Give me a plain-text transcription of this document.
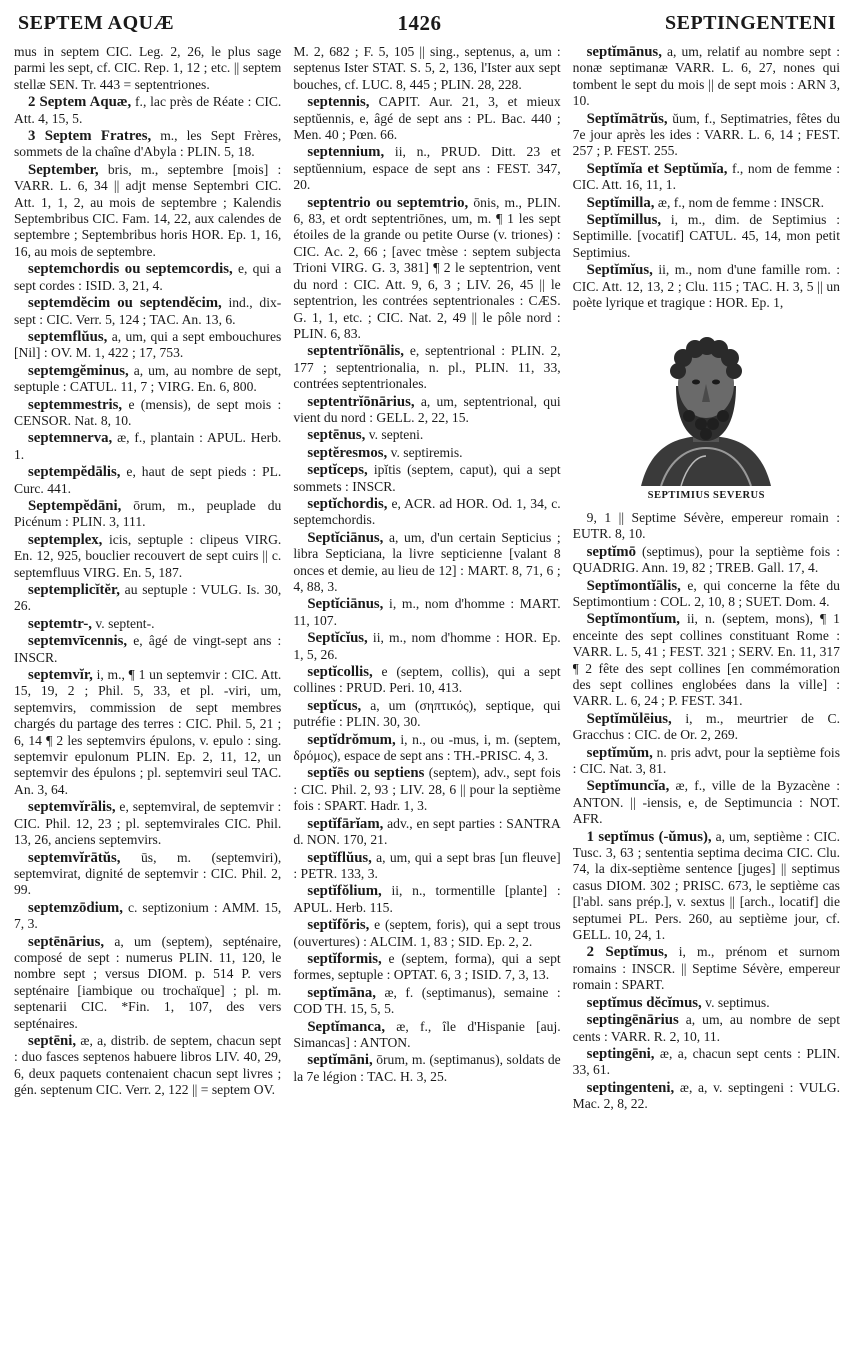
SEPTEM AQUÆ	1426	SEPTINGENTENI

mus in septem CIC. Leg. 2, 26, le plus sage parmi les sept, cf. CIC. Rep. 1, 12 ; etc. || septem stellæ SEN. Tr. 443 = septentriones.

2 Septem Aquæ, f., lac près de Réate : CIC. Att. 4, 15, 5.

3 Septem Fratres, m., les Sept Frères, sommets de la chaîne d'Abyla : PLIN. 5, 18.

September, bris, m., septembre [mois] : VARR. L. 6, 34 || adjt mense Septembri CIC. Att. 1, 1, 2, au mois de septembre ; Kalendis Septembribus CIC. Fam. 14, 22, aux calendes de septembre ; Septembribus horis HOR. Ep. 1, 16, 16, au mois de septembre.

septemchordis ou septemcordis, e, qui a sept cordes : ISID. 3, 21, 4.

septemdĕcim ou septendĕcim, ind., dix-sept : CIC. Verr. 5, 124 ; TAC. An. 13, 6.

septemflŭus, a, um, qui a sept embouchures [Nil] : OV. M. 1, 422 ; 17, 753.

septemgĕminus, a, um, au nombre de sept, septuple : CATUL. 11, 7 ; VIRG. En. 6, 800.

septemmestris, e (mensis), de sept mois : CENSOR. Nat. 8, 10.

septemnerva, æ, f., plantain : APUL. Herb. 1.

septempĕdālis, e, haut de sept pieds : PL. Curc. 441.

Septempĕdāni, ōrum, m., peuplade du Picénum : PLIN. 3, 111.

septemplex, icis, septuple : clipeus VIRG. En. 12, 925, bouclier recouvert de sept cuirs || c. septemfluus VIRG. En. 5, 187.

septemplicĭtĕr, au septuple : VULG. Is. 30, 26.

septemtr-, v. septent-.

septemvīcennis, e, âgé de vingt-sept ans : INSCR.

septemvĭr, i, m., ¶ 1 un septemvir : CIC. Att. 15, 19, 2 ; Phil. 5, 33, et pl. -viri, um, septemvirs, commission de sept membres chargés du partage des terres : CIC. Phil. 5, 21 ; 6, 14 ¶ 2 les septemvirs épulons, v. epulo : sing. septemvir epulonum PLIN. Ep. 2, 11, 12, un septemvir des épulons ; pl. septemviri seul TAC. An. 3, 64.

septemvĭrālis, e, septemviral, de septemvir : CIC. Phil. 12, 23 ; pl. septemvirales CIC. Phil. 13, 26, anciens septemvirs.

septemvĭrātŭs, ūs, m. (septemviri), septemvirat, dignité de septemvir : CIC. Phil. 2, 99.

septemzōdium, c. septizonium : AMM. 15, 7, 3.

septēnārius, a, um (septem), septénaire, composé de sept : numerus PLIN. 11, 120, le nombre sept ; versus DIOM. p. 514 P. vers septénaire [iambique ou trochaïque] ; pl. m. septenarii CIC. *Fin. 1, 107, des vers septénaires.

septēni, æ, a, distrib. de septem, chacun sept : duo fasces septenos habuere libros LIV. 40, 29, 6, deux paquets contenaient chacun sept livres ; gén. septenum CIC. Verr. 2, 122 || = septem OV.

M. 2, 682 ; F. 5, 105 || sing., septenus, a, um : septenus Ister STAT. S. 5, 2, 136, l'Ister aux sept bouches, cf. LUC. 8, 445 ; PLIN. 28, 228.

septennis, CAPIT. Aur. 21, 3, et mieux septŭennis, e, âgé de sept ans : PL. Bac. 440 ; Men. 40 ; Pœn. 66.

septennium, ii, n., PRUD. Ditt. 23 et septŭennium, espace de sept ans : FEST. 347, 20.

septentrio ou septemtrio, ōnis, m., PLIN. 6, 83, et ordt septentriōnes, um, m. ¶ 1 les sept étoiles de la grande ou petite Ourse (v. triones) : CIC. Ac. 2, 66 ; [avec tmèse : septem subjecta Trioni VIRG. G. 3, 381] ¶ 2 le septentrion, vent du nord : CIC. Att. 9, 6, 3 ; LIV. 26, 45 || le septentrion, les contrées septentrionales : CÆS. G. 1, 1, etc. ; CIC. Nat. 2, 49 || le pôle nord : PLIN. 6, 83.

septentrĭōnālis, e, septentrional : PLIN. 2, 177 ; septentrionalia, n. pl., PLIN. 11, 33, contrées septentrionales.

septentrĭōnārius, a, um, septentrional, qui vient du nord : GELL. 2, 22, 15.

septēnus, v. septeni.

septĕresmos, v. septiremis.

septĭceps, ipĭtis (septem, caput), qui a sept sommets : INSCR.

septĭchordis, e, ACR. ad HOR. Od. 1, 34, c. septemchordis.

Septĭciānus, a, um, d'un certain Septicius ; libra Septiciana, la livre septicienne [valant 8 onces et demie, au lieu de 12] : MART. 8, 71, 6 ; 4, 88, 3.

Septĭciānus, i, m., nom d'homme : MART. 11, 107.

Septĭcĭus, ii, m., nom d'homme : HOR. Ep. 1, 5, 26.

septĭcollis, e (septem, collis), qui a sept collines : PRUD. Peri. 10, 413.

septĭcus, a, um (σηπτικός), septique, qui putréfie : PLIN. 30, 30.

septĭdrŏmum, i, n., ou -mus, i, m. (septem, δρόμος), espace de sept ans : TH.-PRISC. 4, 3.

septĭēs ou septiens (septem), adv., sept fois : CIC. Phil. 2, 93 ; LIV. 28, 6 || pour la septième fois : SPART. Hadr. 1, 3.

septĭfārĭam, adv., en sept parties : SANTRA d. NON. 170, 21.

septĭflŭus, a, um, qui a sept bras [un fleuve] : PETR. 133, 3.

septĭfŏlium, ii, n., tormentille [plante] : APUL. Herb. 115.

septĭfŏris, e (septem, foris), qui a sept trous (ouvertures) : ALCIM. 1, 83 ; SID. Ep. 2, 2.

septĭformis, e (septem, forma), qui a sept formes, septuple : OPTAT. 6, 3 ; ISID. 7, 3, 13.

septĭmāna, æ, f. (septimanus), semaine : COD TH. 15, 5, 5.

Septĭmanca, æ, f., île d'Hispanie [auj. Simancas] : ANTON.

septĭmāni, ōrum, m. (septimanus), soldats de la 7e légion : TAC. H. 3, 25.

septĭmānus, a, um, relatif au nombre sept : nonæ septimanæ VARR. L. 6, 27, nones qui tombent le sept du mois || de sept mois : ARN 3, 10.

Septĭmātrŭs, ŭum, f., Septimatries, fêtes du 7e jour après les ides : VARR. L. 6, 14 ; FEST. 257 ; P. FEST. 255.

Septĭmĭa et Septŭmĭa, f., nom de femme : CIC. Att. 16, 11, 1.

Septĭmilla, æ, f., nom de femme : INSCR.

Septĭmillus, i, m., dim. de Septimius : Septimille. [vocatif] CATUL. 45, 14, mon petit Septimius.

Septĭmĭus, ii, m., nom d'une famille rom. : CIC. Att. 12, 13, 2 ; Clu. 115 ; TAC. H. 3, 5 || un poète lyrique et tragique : HOR. Ep. 1,

SEPTIMIUS SEVERUS

9, 1 || Septime Sévère, empereur romain : EUTR. 8, 10.

septĭmō (septimus), pour la septième fois : QUADRIG. Ann. 19, 82 ; TREB. Gall. 17, 4.

Septĭmontĭālis, e, qui concerne la fête du Septimontium : COL. 2, 10, 8 ; SUET. Dom. 4.

Septĭmontĭum, ii, n. (septem, mons), ¶ 1 enceinte des sept collines constituant Rome : VARR. L. 5, 41 ; FEST. 321 ; SERV. En. 11, 317 ¶ 2 fête des sept collines [en commémoration des sept collines englobées dans la ville] : VARR. L. 6, 24 ; P. FEST. 341.

Septĭmŭlēius, i, m., meurtrier de C. Gracchus : CIC. de Or. 2, 269.

septĭmŭm, n. pris advt, pour la septième fois : CIC. Nat. 3, 81.

Septĭmuncĭa, æ, f., ville de la Byzacène : ANTON. || -iensis, e, de Septimuncia : NOT. AFR.

1 septĭmus (-ŭmus), a, um, septième : CIC. Tusc. 3, 63 ; sententia septima decima CIC. Clu. 74, la dix-septième sentence [juges] || septimus casus DIOM. 302 ; PRISC. 673, le septième cas [l'abl. sans prép.], v. sextus || [arch., locatif] die septumei PL. Pers. 260, au septième jour, cf. GELL. 10, 24, 1.

2 Septĭmus, i, m., prénom et surnom romains : INSCR. || Septime Sévère, empereur romain : SPART.

septĭmus dĕcĭmus, v. septimus.

septingēnārius a, um, au nombre de sept cents : VARR. R. 2, 10, 11.

septingēni, æ, a, chacun sept cents : PLIN. 33, 61.

septingenteni, æ, a, v. septingeni : VULG. Mac. 2, 8, 22.
